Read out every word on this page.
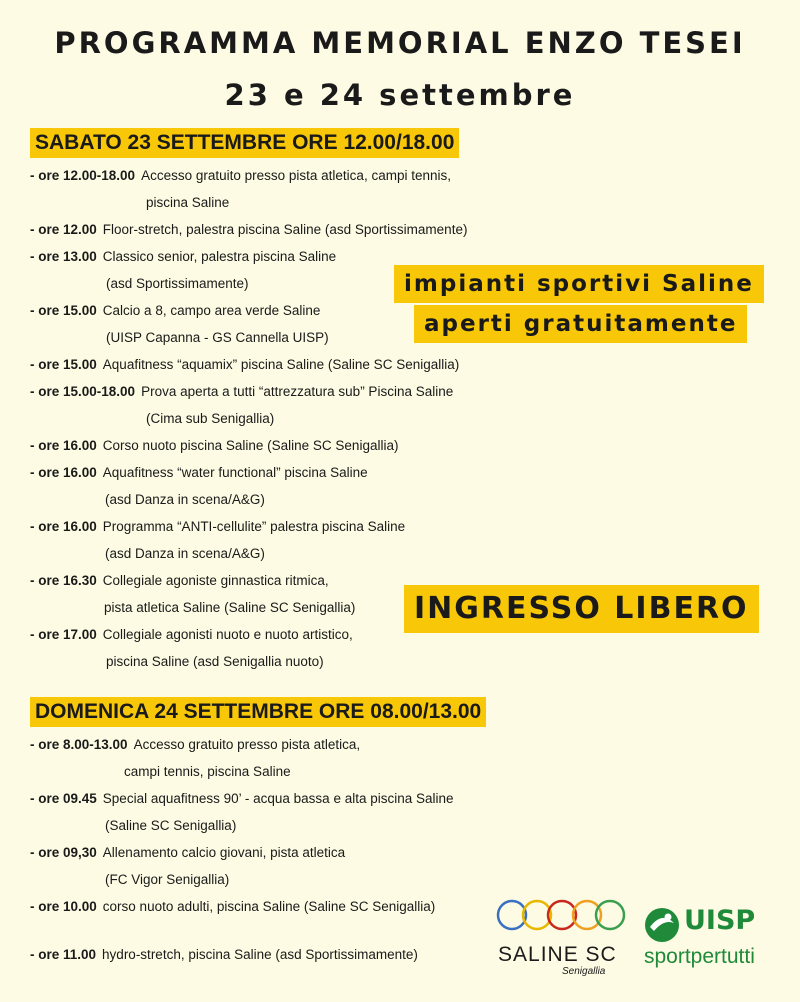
PROGRAMMA MEMORIAL ENZO TESEI
23 e 24 settembre
SABATO 23 SETTEMBRE ORE 12.00/18.00
- ore 12.00-18.00 Accesso gratuito presso pista atletica, campi tennis,
piscina Saline
- ore 12.00 Floor-stretch, palestra piscina Saline (asd Sportissimamente)
- ore 13.00 Classico senior, palestra piscina Saline
(asd Sportissimamente)
- ore 15.00 Calcio a 8, campo area verde Saline
(UISP Capanna - GS Cannella UISP)
- ore 15.00 Aquafitness “aquamix” piscina Saline (Saline SC Senigallia)
- ore 15.00-18.00 Prova aperta a tutti “attrezzatura sub” Piscina Saline
(Cima sub Senigallia)
- ore 16.00 Corso nuoto piscina Saline (Saline SC Senigallia)
- ore 16.00 Aquafitness “water functional” piscina Saline
(asd Danza in scena/A&G)
- ore 16.00 Programma “ANTI-cellulite” palestra piscina Saline
(asd Danza in scena/A&G)
- ore 16.30 Collegiale agoniste ginnastica ritmica,
pista atletica Saline (Saline SC Senigallia)
- ore 17.00 Collegiale agonisti nuoto e nuoto artistico,
piscina Saline (asd Senigallia nuoto)
impianti sportivi Saline
aperti gratuitamente
INGRESSO LIBERO
DOMENICA 24 SETTEMBRE ORE 08.00/13.00
- ore 8.00-13.00 Accesso gratuito presso pista atletica,
campi tennis, piscina Saline
- ore 09.45 Special aquafitness 90’ - acqua bassa e alta piscina Saline
(Saline SC Senigallia)
- ore 09,30 Allenamento calcio giovani, pista atletica
(FC Vigor Senigallia)
- ore 10.00 corso nuoto adulti, piscina Saline (Saline SC Senigallia)
- ore 11.00 hydro-stretch, piscina Saline (asd Sportissimamente)	SALINE SC
Senigallia
UISP
sportpertutti
